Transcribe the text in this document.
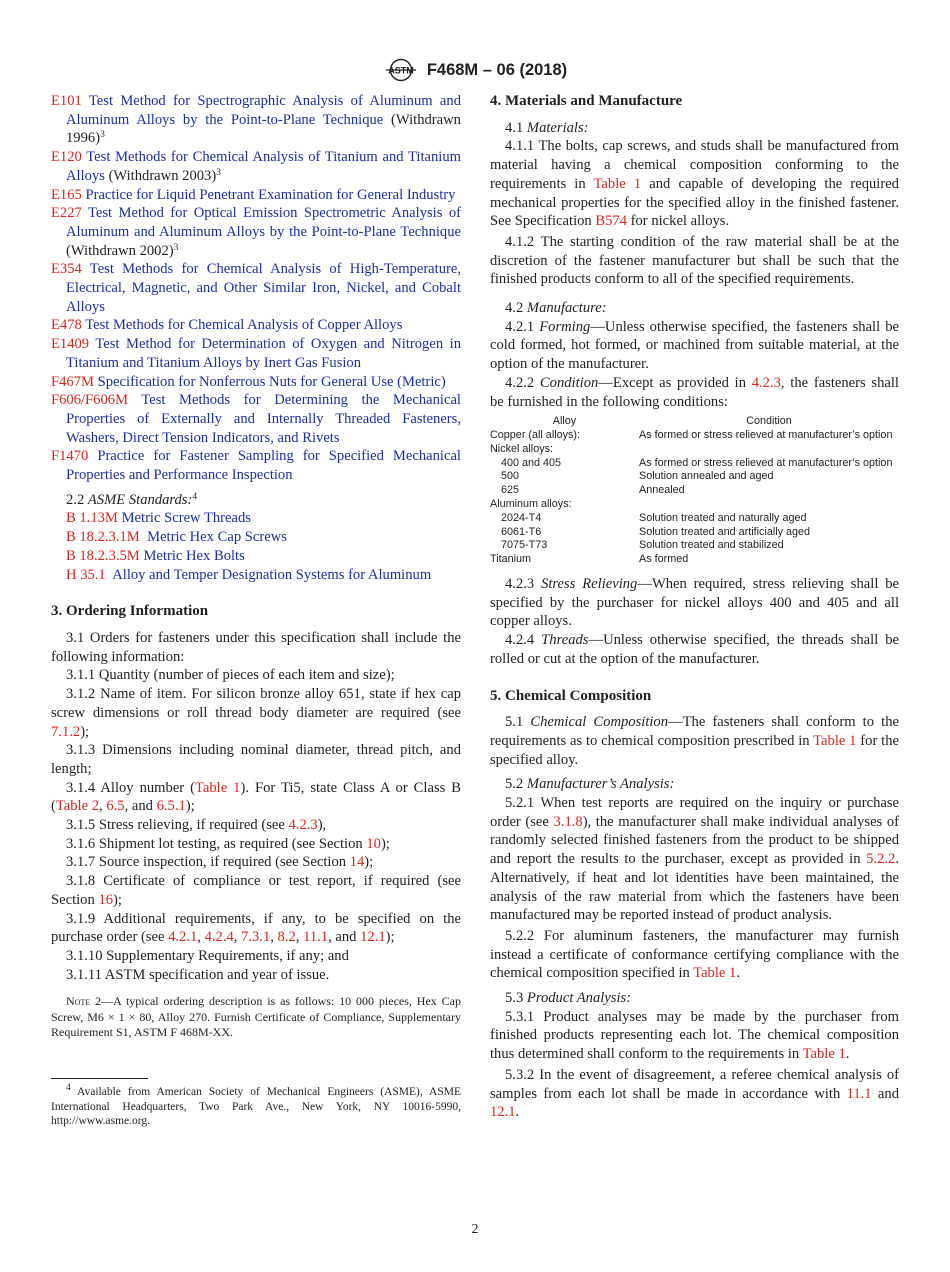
ASTM F468M – 06 (2018)

E101 Test Method for Spectrographic Analysis of Aluminum and Aluminum Alloys by the Point-to-Plane Technique (Withdrawn 1996)$^3$

E120 Test Methods for Chemical Analysis of Titanium and Titanium Alloys (Withdrawn 2003)$^3$

E165 Practice for Liquid Penetrant Examination for General Industry

E227 Test Method for Optical Emission Spectrometric Analysis of Aluminum and Aluminum Alloys by the Point-to-Plane Technique (Withdrawn 2002)$^3$

E354 Test Methods for Chemical Analysis of High-Temperature, Electrical, Magnetic, and Other Similar Iron, Nickel, and Cobalt Alloys

E478 Test Methods for Chemical Analysis of Copper Alloys

E1409 Test Method for Determination of Oxygen and Nitrogen in Titanium and Titanium Alloys by Inert Gas Fusion

F467M Specification for Nonferrous Nuts for General Use (Metric)

F606/F606M Test Methods for Determining the Mechanical Properties of Externally and Internally Threaded Fasteners, Washers, Direct Tension Indicators, and Rivets

F1470 Practice for Fastener Sampling for Specified Mechanical Properties and Performance Inspection

2.2 ASME Standards:$^4$

B 1.13M Metric Screw Threads

B 18.2.3.1M Metric Hex Cap Screws

B 18.2.3.5M Metric Hex Bolts

H 35.1 Alloy and Temper Designation Systems for Aluminum

3. Ordering Information

3.1 Orders for fasteners under this specification shall include the following information:

3.1.1 Quantity (number of pieces of each item and size);

3.1.2 Name of item. For silicon bronze alloy 651, state if hex cap screw dimensions or roll thread body diameter are required (see 7.1.2);

3.1.3 Dimensions including nominal diameter, thread pitch, and length;

3.1.4 Alloy number (Table 1). For Ti5, state Class A or Class B (Table 2, 6.5, and 6.5.1);

3.1.5 Stress relieving, if required (see 4.2.3),

3.1.6 Shipment lot testing, as required (see Section 10);

3.1.7 Source inspection, if required (see Section 14);

3.1.8 Certificate of compliance or test report, if required (see Section 16);

3.1.9 Additional requirements, if any, to be specified on the purchase order (see 4.2.1, 4.2.4, 7.3.1, 8.2, 11.1, and 12.1);

3.1.10 Supplementary Requirements, if any; and

3.1.11 ASTM specification and year of issue.

Note 2—A typical ordering description is as follows: 10 000 pieces, Hex Cap Screw, M6 × 1 × 80, Alloy 270. Furnish Certificate of Compliance, Supplementary Requirement S1, ASTM F 468M-XX.

$^4$ Available from American Society of Mechanical Engineers (ASME), ASME International Headquarters, Two Park Ave., New York, NY 10016-5990, http://www.asme.org.

4. Materials and Manufacture

4.1 Materials:

4.1.1 The bolts, cap screws, and studs shall be manufactured from material having a chemical composition conforming to the requirements in Table 1 and capable of developing the required mechanical properties for the specified alloy in the finished fastener. See Specification B574 for nickel alloys.

4.1.2 The starting condition of the raw material shall be at the discretion of the fastener manufacturer but shall be such that the finished products conform to all of the specified requirements.

4.2 Manufacture:

4.2.1 Forming—Unless otherwise specified, the fasteners shall be cold formed, hot formed, or machined from suitable material, at the option of the manufacturer.

4.2.2 Condition—Except as provided in 4.2.3, the fasteners shall be furnished in the following conditions:

Alloy	Condition
Copper (all alloys):	As formed or stress relieved at manufacturer’s option
Nickel alloys:	
400 and 405	As formed or stress relieved at manufacturer’s option
500	Solution annealed and aged
625	Annealed
Aluminum alloys:	
2024-T4	Solution treated and naturally aged
6061-T6	Solution treated and artificially aged
7075-T73	Solution treated and stabilized
Titanium	As formed

4.2.3 Stress Relieving—When required, stress relieving shall be specified by the purchaser for nickel alloys 400 and 405 and all copper alloys.

4.2.4 Threads—Unless otherwise specified, the threads shall be rolled or cut at the option of the manufacturer.

5. Chemical Composition

5.1 Chemical Composition—The fasteners shall conform to the requirements as to chemical composition prescribed in Table 1 for the specified alloy.

5.2 Manufacturer’s Analysis:

5.2.1 When test reports are required on the inquiry or purchase order (see 3.1.8), the manufacturer shall make individual analyses of randomly selected finished fasteners from the product to be shipped and report the results to the purchaser, except as provided in 5.2.2. Alternatively, if heat and lot identities have been maintained, the analysis of the raw material from which the fasteners have been manufactured may be reported instead of product analysis.

5.2.2 For aluminum fasteners, the manufacturer may furnish instead a certificate of conformance certifying compliance with the chemical composition specified in Table 1.

5.3 Product Analysis:

5.3.1 Product analyses may be made by the purchaser from finished products representing each lot. The chemical composition thus determined shall conform to the requirements in Table 1.

5.3.2 In the event of disagreement, a referee chemical analysis of samples from each lot shall be made in accordance with 11.1 and 12.1.

2
